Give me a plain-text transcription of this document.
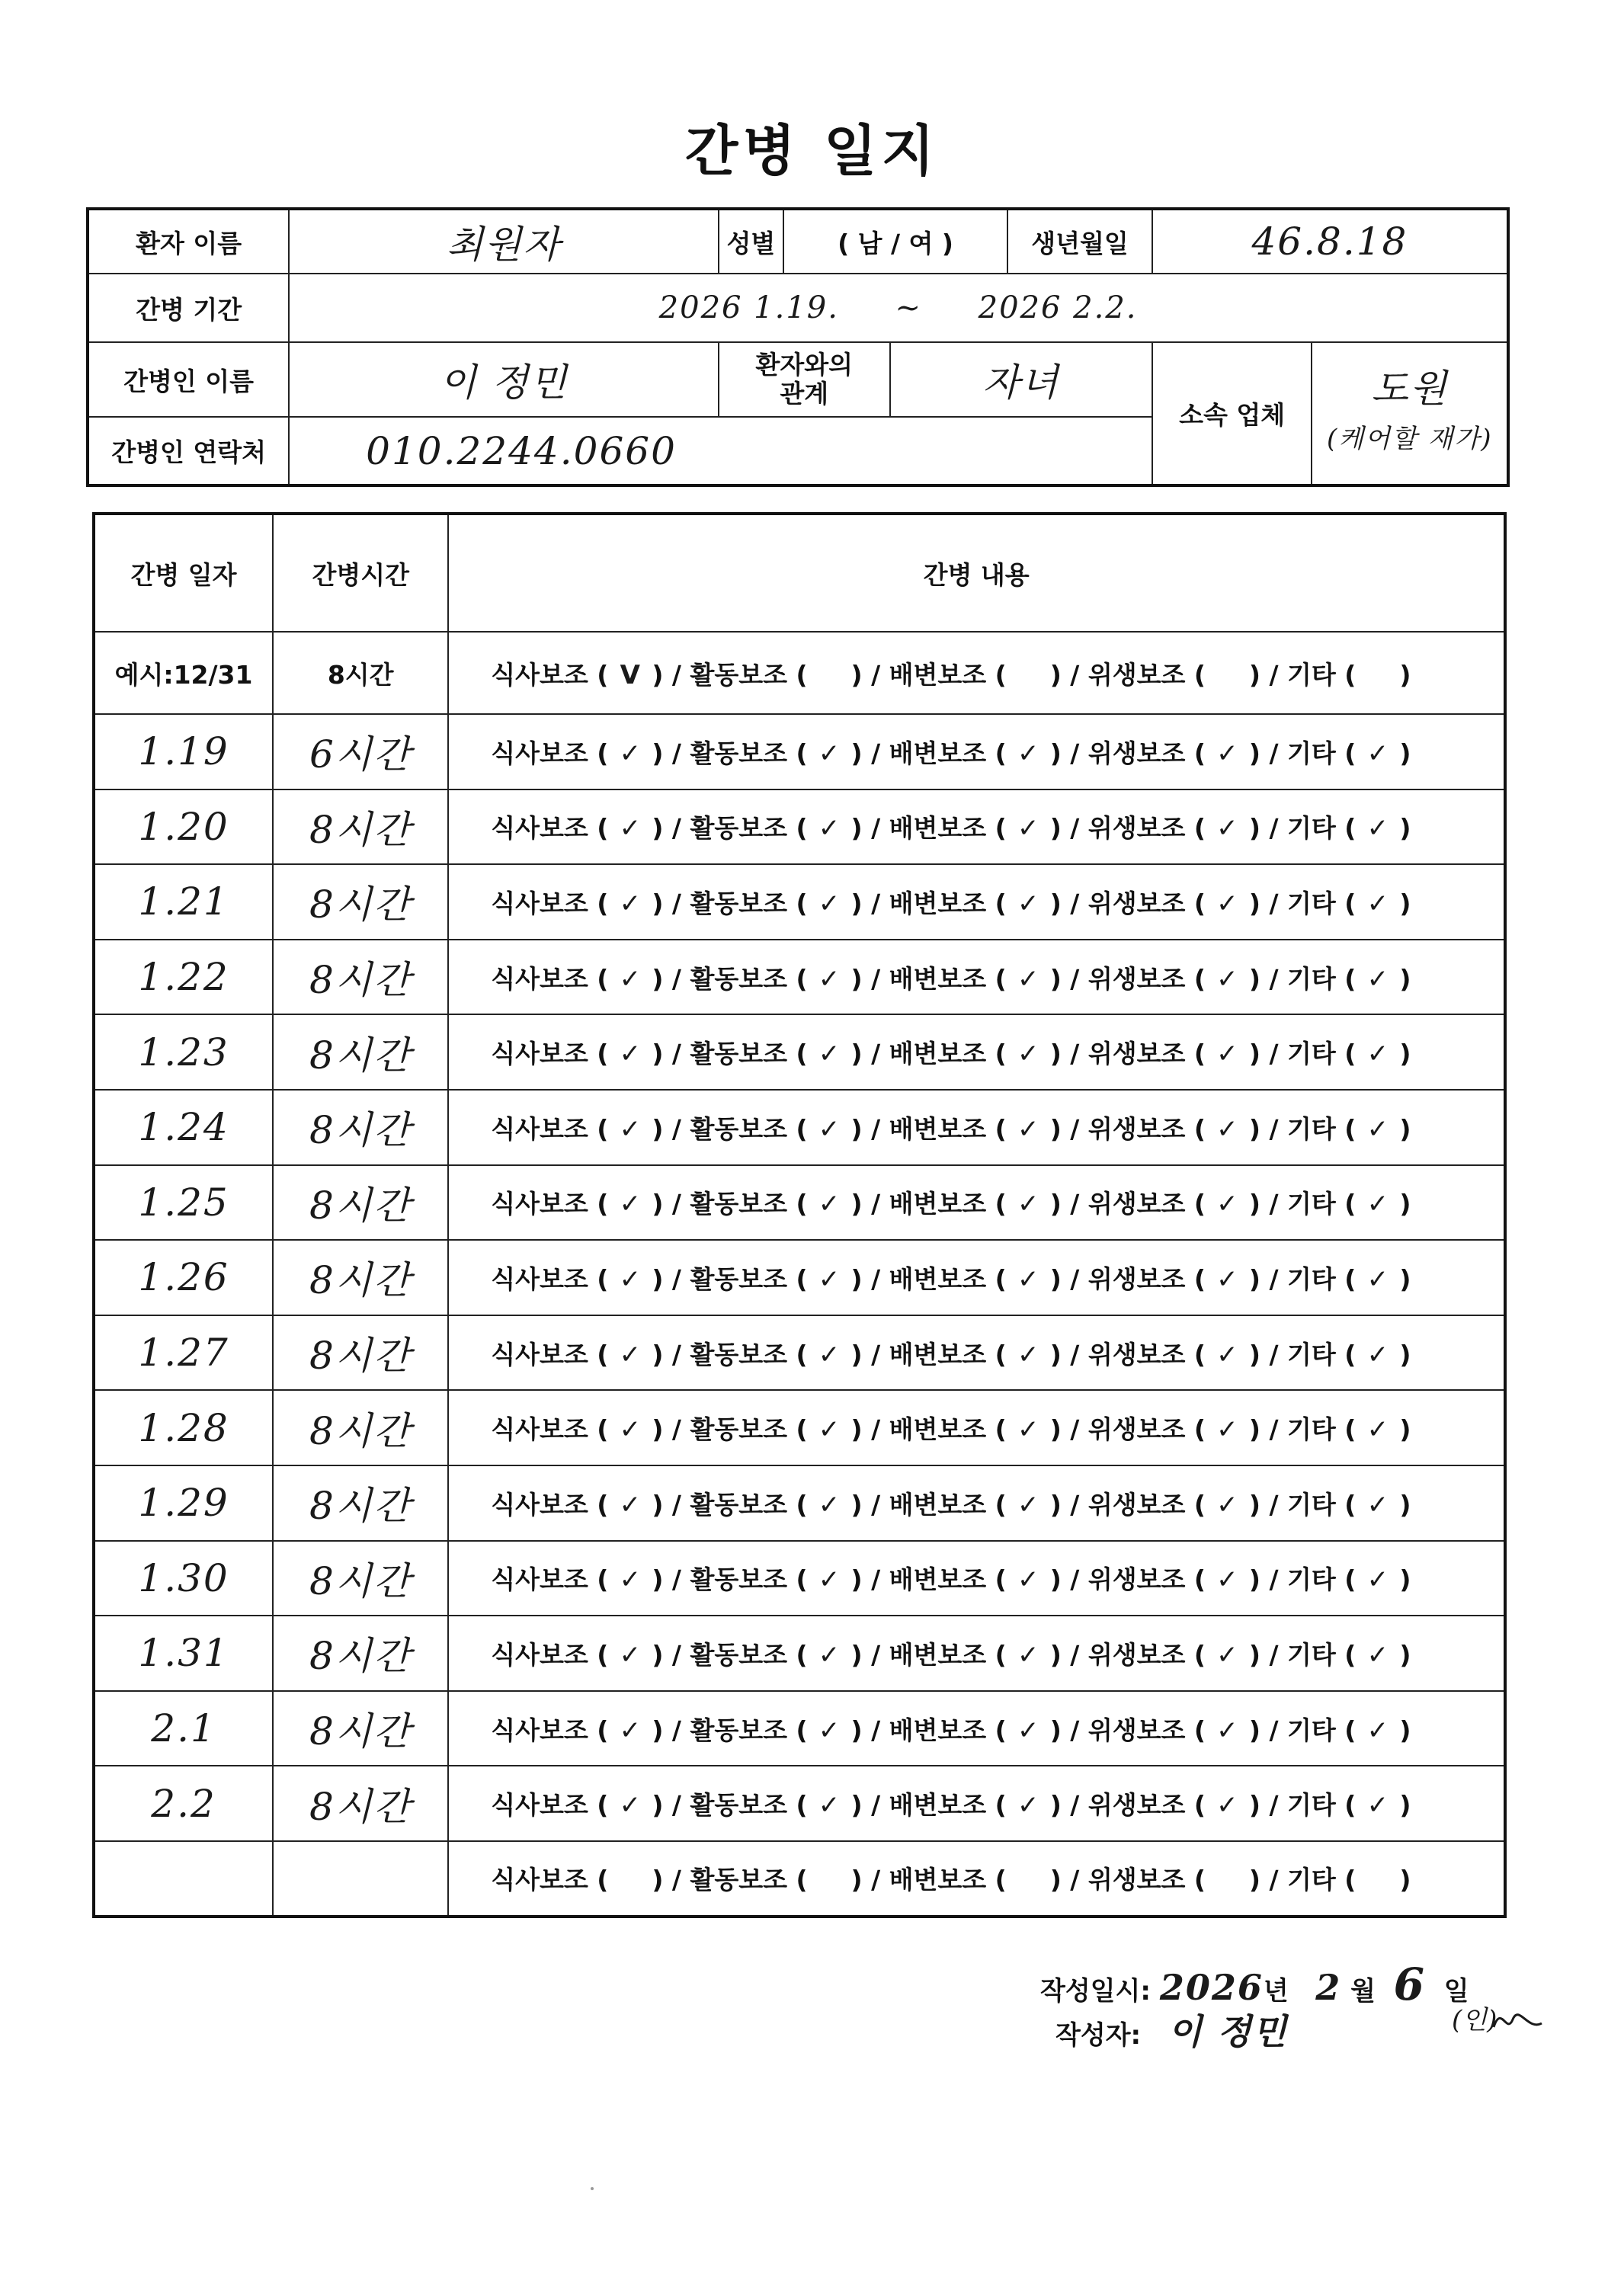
간병 일지
환자 이름	최원자	성별	( 남 / 여 )		생년월일	46.8.18	
간병 기간	2026 1.19. ~ 2026 2.2.						
간병인 이름	이 정민	환자와의
관계		자녀		소속 업체	도원
(케어할 재가)
간병인 연락처	010.2244.0660						
간병 일자	간병시간	간병 내용
예시:12/31	8시간	식사보조 ( V ) / 활동보조 (  ) / 배변보조 (  ) / 위생보조 (  ) / 기타 (  )
1.19	6시간	식사보조 ( ✓ ) / 활동보조 ( ✓ ) / 배변보조 ( ✓ ) / 위생보조 ( ✓ ) / 기타 ( ✓ )
1.20	8시간	식사보조 ( ✓ ) / 활동보조 ( ✓ ) / 배변보조 ( ✓ ) / 위생보조 ( ✓ ) / 기타 ( ✓ )
1.21	8시간	식사보조 ( ✓ ) / 활동보조 ( ✓ ) / 배변보조 ( ✓ ) / 위생보조 ( ✓ ) / 기타 ( ✓ )
1.22	8시간	식사보조 ( ✓ ) / 활동보조 ( ✓ ) / 배변보조 ( ✓ ) / 위생보조 ( ✓ ) / 기타 ( ✓ )
1.23	8시간	식사보조 ( ✓ ) / 활동보조 ( ✓ ) / 배변보조 ( ✓ ) / 위생보조 ( ✓ ) / 기타 ( ✓ )
1.24	8시간	식사보조 ( ✓ ) / 활동보조 ( ✓ ) / 배변보조 ( ✓ ) / 위생보조 ( ✓ ) / 기타 ( ✓ )
1.25	8시간	식사보조 ( ✓ ) / 활동보조 ( ✓ ) / 배변보조 ( ✓ ) / 위생보조 ( ✓ ) / 기타 ( ✓ )
1.26	8시간	식사보조 ( ✓ ) / 활동보조 ( ✓ ) / 배변보조 ( ✓ ) / 위생보조 ( ✓ ) / 기타 ( ✓ )
1.27	8시간	식사보조 ( ✓ ) / 활동보조 ( ✓ ) / 배변보조 ( ✓ ) / 위생보조 ( ✓ ) / 기타 ( ✓ )
1.28	8시간	식사보조 ( ✓ ) / 활동보조 ( ✓ ) / 배변보조 ( ✓ ) / 위생보조 ( ✓ ) / 기타 ( ✓ )
1.29	8시간	식사보조 ( ✓ ) / 활동보조 ( ✓ ) / 배변보조 ( ✓ ) / 위생보조 ( ✓ ) / 기타 ( ✓ )
1.30	8시간	식사보조 ( ✓ ) / 활동보조 ( ✓ ) / 배변보조 ( ✓ ) / 위생보조 ( ✓ ) / 기타 ( ✓ )
1.31	8시간	식사보조 ( ✓ ) / 활동보조 ( ✓ ) / 배변보조 ( ✓ ) / 위생보조 ( ✓ ) / 기타 ( ✓ )
2.1	8시간	식사보조 ( ✓ ) / 활동보조 ( ✓ ) / 배변보조 ( ✓ ) / 위생보조 ( ✓ ) / 기타 ( ✓ )
2.2	8시간	식사보조 ( ✓ ) / 활동보조 ( ✓ ) / 배변보조 ( ✓ ) / 위생보조 ( ✓ ) / 기타 ( ✓ )
		식사보조 (  ) / 활동보조 (  ) / 배변보조 (  ) / 위생보조 (  ) / 기타 (  )
작성일시: 2026년 2 월 6 일
작성자: 이 정민	(인)
